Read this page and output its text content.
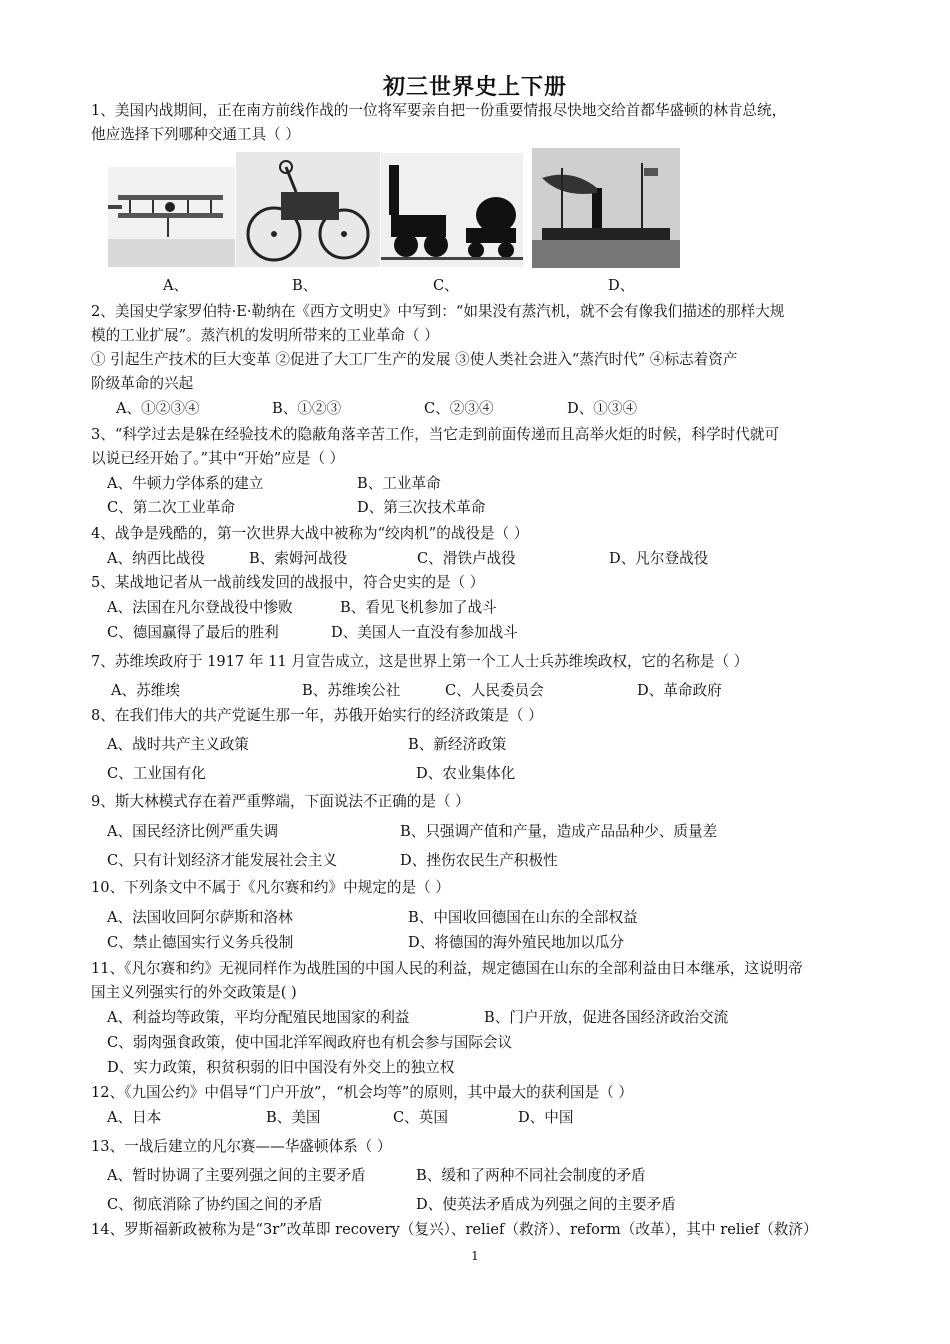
初三世界史上下册
1、美国内战期间，正在南方前线作战的一位将军要亲自把一份重要情报尽快地交给首都华盛顿的林肯总统，
他应选择下列哪种交通工具（ ）
A、	B、	C、	D、
2、美国史学家罗伯特·E·勒纳在《西方文明史》中写到：“如果没有蒸汽机，就不会有像我们描述的那样大规
模的工业扩展”。蒸汽机的发明所带来的工业革命（ ）
① 引起生产技术的巨大变革 ②促进了大工厂生产的发展 ③使人类社会进入“蒸汽时代” ④标志着资产
阶级革命的兴起
A、①②③④	B、①②③	C、②③④	D、①③④
3、“科学过去是躲在经验技术的隐蔽角落辛苦工作，当它走到前面传递而且高举火炬的时候，科学时代就可
以说已经开始了。”其中“开始”应是（ ）
A、牛顿力学体系的建立	B、工业革命
C、第二次工业革命	D、第三次技术革命
4、战争是残酷的，第一次世界大战中被称为“绞肉机”的战役是（ ）
A、纳西比战役	B、索姆河战役	C、滑铁卢战役	D、凡尔登战役
5、某战地记者从一战前线发回的战报中，符合史实的是（ ）
A、法国在凡尔登战役中惨败	B、看见飞机参加了战斗
C、德国赢得了最后的胜利	D、美国人一直没有参加战斗
7、苏维埃政府于 1917 年 11 月宣告成立，这是世界上第一个工人士兵苏维埃政权，它的名称是（ ）
A、苏维埃	B、苏维埃公社	C、人民委员会	D、革命政府
8、在我们伟大的共产党诞生那一年，苏俄开始实行的经济政策是（ ）
A、战时共产主义政策	B、新经济政策
C、工业国有化	D、农业集体化
9、斯大林模式存在着严重弊端，下面说法不正确的是（ ）
A、国民经济比例严重失调	B、只强调产值和产量，造成产品品种少、质量差
C、只有计划经济才能发展社会主义	D、挫伤农民生产积极性
10、下列条文中不属于《凡尔赛和约》中规定的是（ ）
A、法国收回阿尔萨斯和洛林	B、中国收回德国在山东的全部权益
C、禁止德国实行义务兵役制	D、将德国的海外殖民地加以瓜分
11、《凡尔赛和约》无视同样作为战胜国的中国人民的利益，规定德国在山东的全部利益由日本继承，这说明帝
国主义列强实行的外交政策是( )
A、利益均等政策，平均分配殖民地国家的利益	B、门户开放，促进各国经济政治交流
C、弱肉强食政策，使中国北洋军阀政府也有机会参与国际会议
D、实力政策，积贫积弱的旧中国没有外交上的独立权
12、《九国公约》中倡导“门户开放”，“机会均等”的原则，其中最大的获利国是（ ）
A、日本	B、美国	C、英国	D、中国
13、一战后建立的凡尔赛——华盛顿体系（ ）
A、暂时协调了主要列强之间的主要矛盾	B、缓和了两种不同社会制度的矛盾
C、彻底消除了协约国之间的矛盾	D、使英法矛盾成为列强之间的主要矛盾
14、罗斯福新政被称为是“3r”改革即 recovery（复兴）、relief（救济）、reform（改革），其中 relief（救济）
1
